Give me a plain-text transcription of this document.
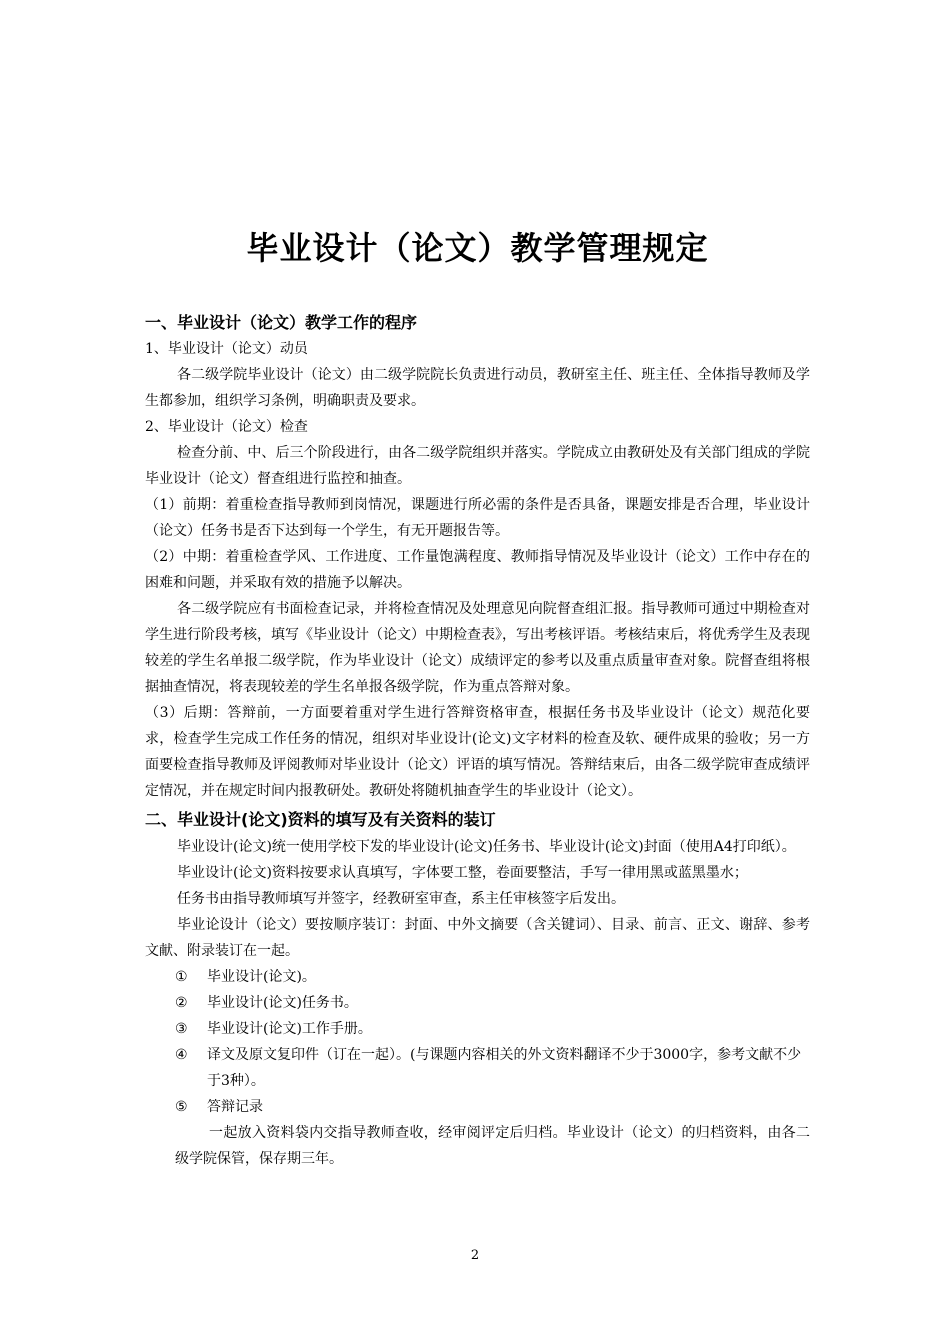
毕业设计（论文）教学管理规定

一、毕业设计（论文）教学工作的程序

1、毕业设计（论文）动员

各二级学院毕业设计（论文）由二级学院院长负责进行动员，教研室主任、班主任、全体指导教师及学生都参加，组织学习条例，明确职责及要求。

2、毕业设计（论文）检查

检查分前、中、后三个阶段进行，由各二级学院组织并落实。学院成立由教研处及有关部门组成的学院毕业设计（论文）督查组进行监控和抽查。

（1）前期：着重检查指导教师到岗情况，课题进行所必需的条件是否具备，课题安排是否合理，毕业设计（论文）任务书是否下达到每一个学生，有无开题报告等。

（2）中期：着重检查学风、工作进度、工作量饱满程度、教师指导情况及毕业设计（论文）工作中存在的困难和问题，并采取有效的措施予以解决。

各二级学院应有书面检查记录，并将检查情况及处理意见向院督查组汇报。指导教师可通过中期检查对学生进行阶段考核，填写《毕业设计（论文）中期检查表》，写出考核评语。考核结束后，将优秀学生及表现较差的学生名单报二级学院，作为毕业设计（论文）成绩评定的参考以及重点质量审查对象。院督查组将根据抽查情况，将表现较差的学生名单报各级学院，作为重点答辩对象。

（3）后期：答辩前，一方面要着重对学生进行答辩资格审查，根据任务书及毕业设计（论文）规范化要求，检查学生完成工作任务的情况，组织对毕业设计(论文)文字材料的检查及软、硬件成果的验收；另一方面要检查指导教师及评阅教师对毕业设计（论文）评语的填写情况。答辩结束后，由各二级学院审查成绩评定情况，并在规定时间内报教研处。教研处将随机抽查学生的毕业设计（论文）。

二、毕业设计(论文)资料的填写及有关资料的装订

毕业设计(论文)统一使用学校下发的毕业设计(论文)任务书、毕业设计(论文)封面（使用A4打印纸）。

毕业设计(论文)资料按要求认真填写，字体要工整，卷面要整洁，手写一律用黑或蓝黑墨水；

任务书由指导教师填写并签字，经教研室审查，系主任审核签字后发出。

毕业论设计（论文）要按顺序装订：封面、中外文摘要（含关键词）、目录、前言、正文、谢辞、参考文献、附录装订在一起。

① 毕业设计(论文)。
② 毕业设计(论文)任务书。
③ 毕业设计(论文)工作手册。
④ 译文及原文复印件（订在一起）。(与课题内容相关的外文资料翻译不少于3000字，参考文献不少于3种）。
⑤ 答辩记录

一起放入资料袋内交指导教师查收，经审阅评定后归档。毕业设计（论文）的归档资料，由各二级学院保管，保存期三年。

2
